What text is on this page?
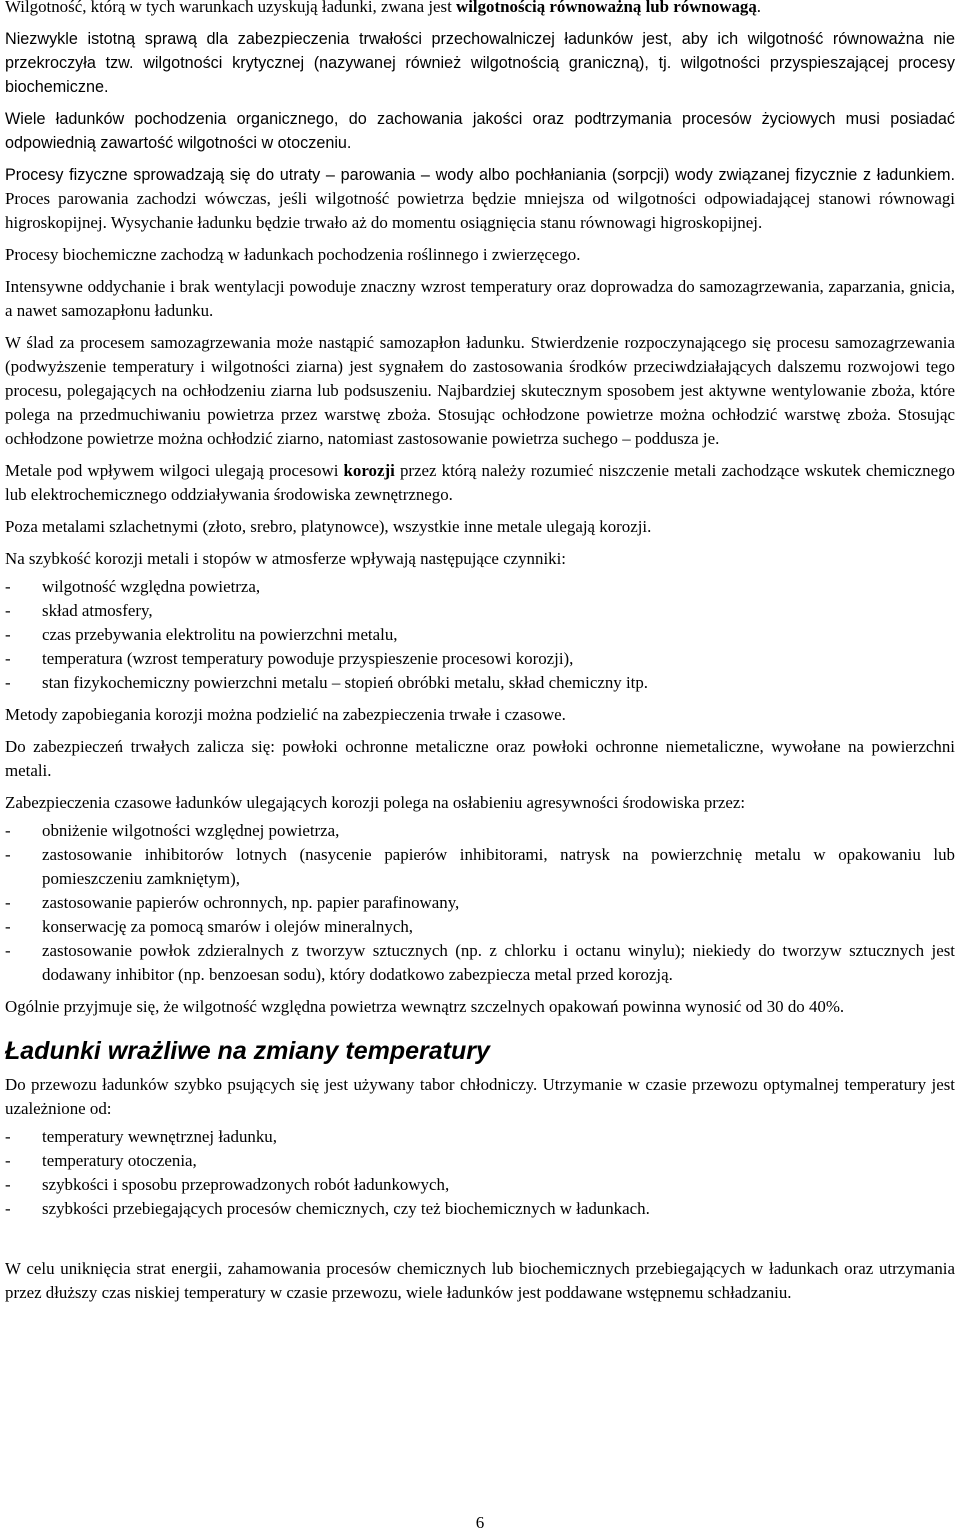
Wilgotność, którą w tych warunkach uzyskują ładunki, zwana jest wilgotnością równoważną lub równowagą.

Niezwykle istotną sprawą dla zabezpieczenia trwałości przechowalniczej ładunków jest, aby ich wilgotność równoważna nie przekroczyła tzw. wilgotności krytycznej (nazywanej również wilgotnością graniczną), tj. wilgotności przyspieszającej procesy biochemiczne.

Wiele ładunków pochodzenia organicznego, do zachowania jakości oraz podtrzymania procesów życiowych musi posiadać odpowiednią zawartość wilgotności w otoczeniu.

Procesy fizyczne sprowadzają się do utraty – parowania – wody albo pochłaniania (sorpcji) wody związanej fizycznie z ładunkiem. Proces parowania zachodzi wówczas, jeśli wilgotność powietrza będzie mniejsza od wilgotności odpowiadającej stanowi równowagi higroskopijnej. Wysychanie ładunku będzie trwało aż do momentu osiągnięcia stanu równowagi higroskopijnej.

Procesy biochemiczne zachodzą w ładunkach pochodzenia roślinnego i zwierzęcego.

Intensywne oddychanie i brak wentylacji powoduje znaczny wzrost temperatury oraz doprowadza do samozagrzewania, zaparzania, gnicia, a nawet samozapłonu ładunku.

W ślad za procesem samozagrzewania może nastąpić samozapłon ładunku. Stwierdzenie rozpoczynającego się procesu samozagrzewania (podwyższenie temperatury i wilgotności ziarna) jest sygnałem do zastosowania środków przeciwdziałających dalszemu rozwojowi tego procesu, polegających na ochłodzeniu ziarna lub podsuszeniu. Najbardziej skutecznym sposobem jest aktywne wentylowanie zboża, które polega na przedmuchiwaniu powietrza przez warstwę zboża. Stosując ochłodzone powietrze można ochłodzić warstwę zboża. Stosując ochłodzone powietrze można ochłodzić ziarno, natomiast zastosowanie powietrza suchego – poddusza je.

Metale pod wpływem wilgoci ulegają procesowi korozji przez którą należy rozumieć niszczenie metali zachodzące wskutek chemicznego lub elektrochemicznego oddziaływania środowiska zewnętrznego.

Poza metalami szlachetnymi (złoto, srebro, platynowce), wszystkie inne metale ulegają korozji.

Na szybkość korozji metali i stopów w atmosferze wpływają następujące czynniki:

- wilgotność względna powietrza,
- skład atmosfery,
- czas przebywania elektrolitu na powierzchni metalu,
- temperatura (wzrost temperatury powoduje przyspieszenie procesowi korozji),
- stan fizykochemiczny powierzchni metalu – stopień obróbki metalu, skład chemiczny itp.

Metody zapobiegania korozji można podzielić na zabezpieczenia trwałe i czasowe.

Do zabezpieczeń trwałych zalicza się: powłoki ochronne metaliczne oraz powłoki ochronne niemetaliczne, wywołane na powierzchni metali.

Zabezpieczenia czasowe ładunków ulegających korozji polega na osłabieniu agresywności środowiska przez:

- obniżenie wilgotności względnej powietrza,
- zastosowanie inhibitorów lotnych (nasycenie papierów inhibitorami, natrysk na powierzchnię metalu w opakowaniu lub pomieszczeniu zamkniętym),
- zastosowanie papierów ochronnych, np. papier parafinowany,
- konserwację za pomocą smarów i olejów mineralnych,
- zastosowanie powłok zdzieralnych z tworzyw sztucznych (np. z chlorku i octanu winylu); niekiedy do tworzyw sztucznych jest dodawany inhibitor (np. benzoesan sodu), który dodatkowo zabezpiecza metal przed korozją.

Ogólnie przyjmuje się, że wilgotność względna powietrza wewnątrz szczelnych opakowań powinna wynosić od 30 do 40%.

Ładunki wrażliwe na zmiany temperatury

Do przewozu ładunków szybko psujących się jest używany tabor chłodniczy. Utrzymanie w czasie przewozu optymalnej temperatury jest uzależnione od:

- temperatury wewnętrznej ładunku,
- temperatury otoczenia,
- szybkości i sposobu przeprowadzonych robót ładunkowych,
- szybkości przebiegających procesów chemicznych, czy też biochemicznych w ładunkach.

W celu uniknięcia strat energii, zahamowania procesów chemicznych lub biochemicznych przebiegających w ładunkach oraz utrzymania przez dłuższy czas niskiej temperatury w czasie przewozu, wiele ładunków jest poddawane wstępnemu schładzaniu.

6
